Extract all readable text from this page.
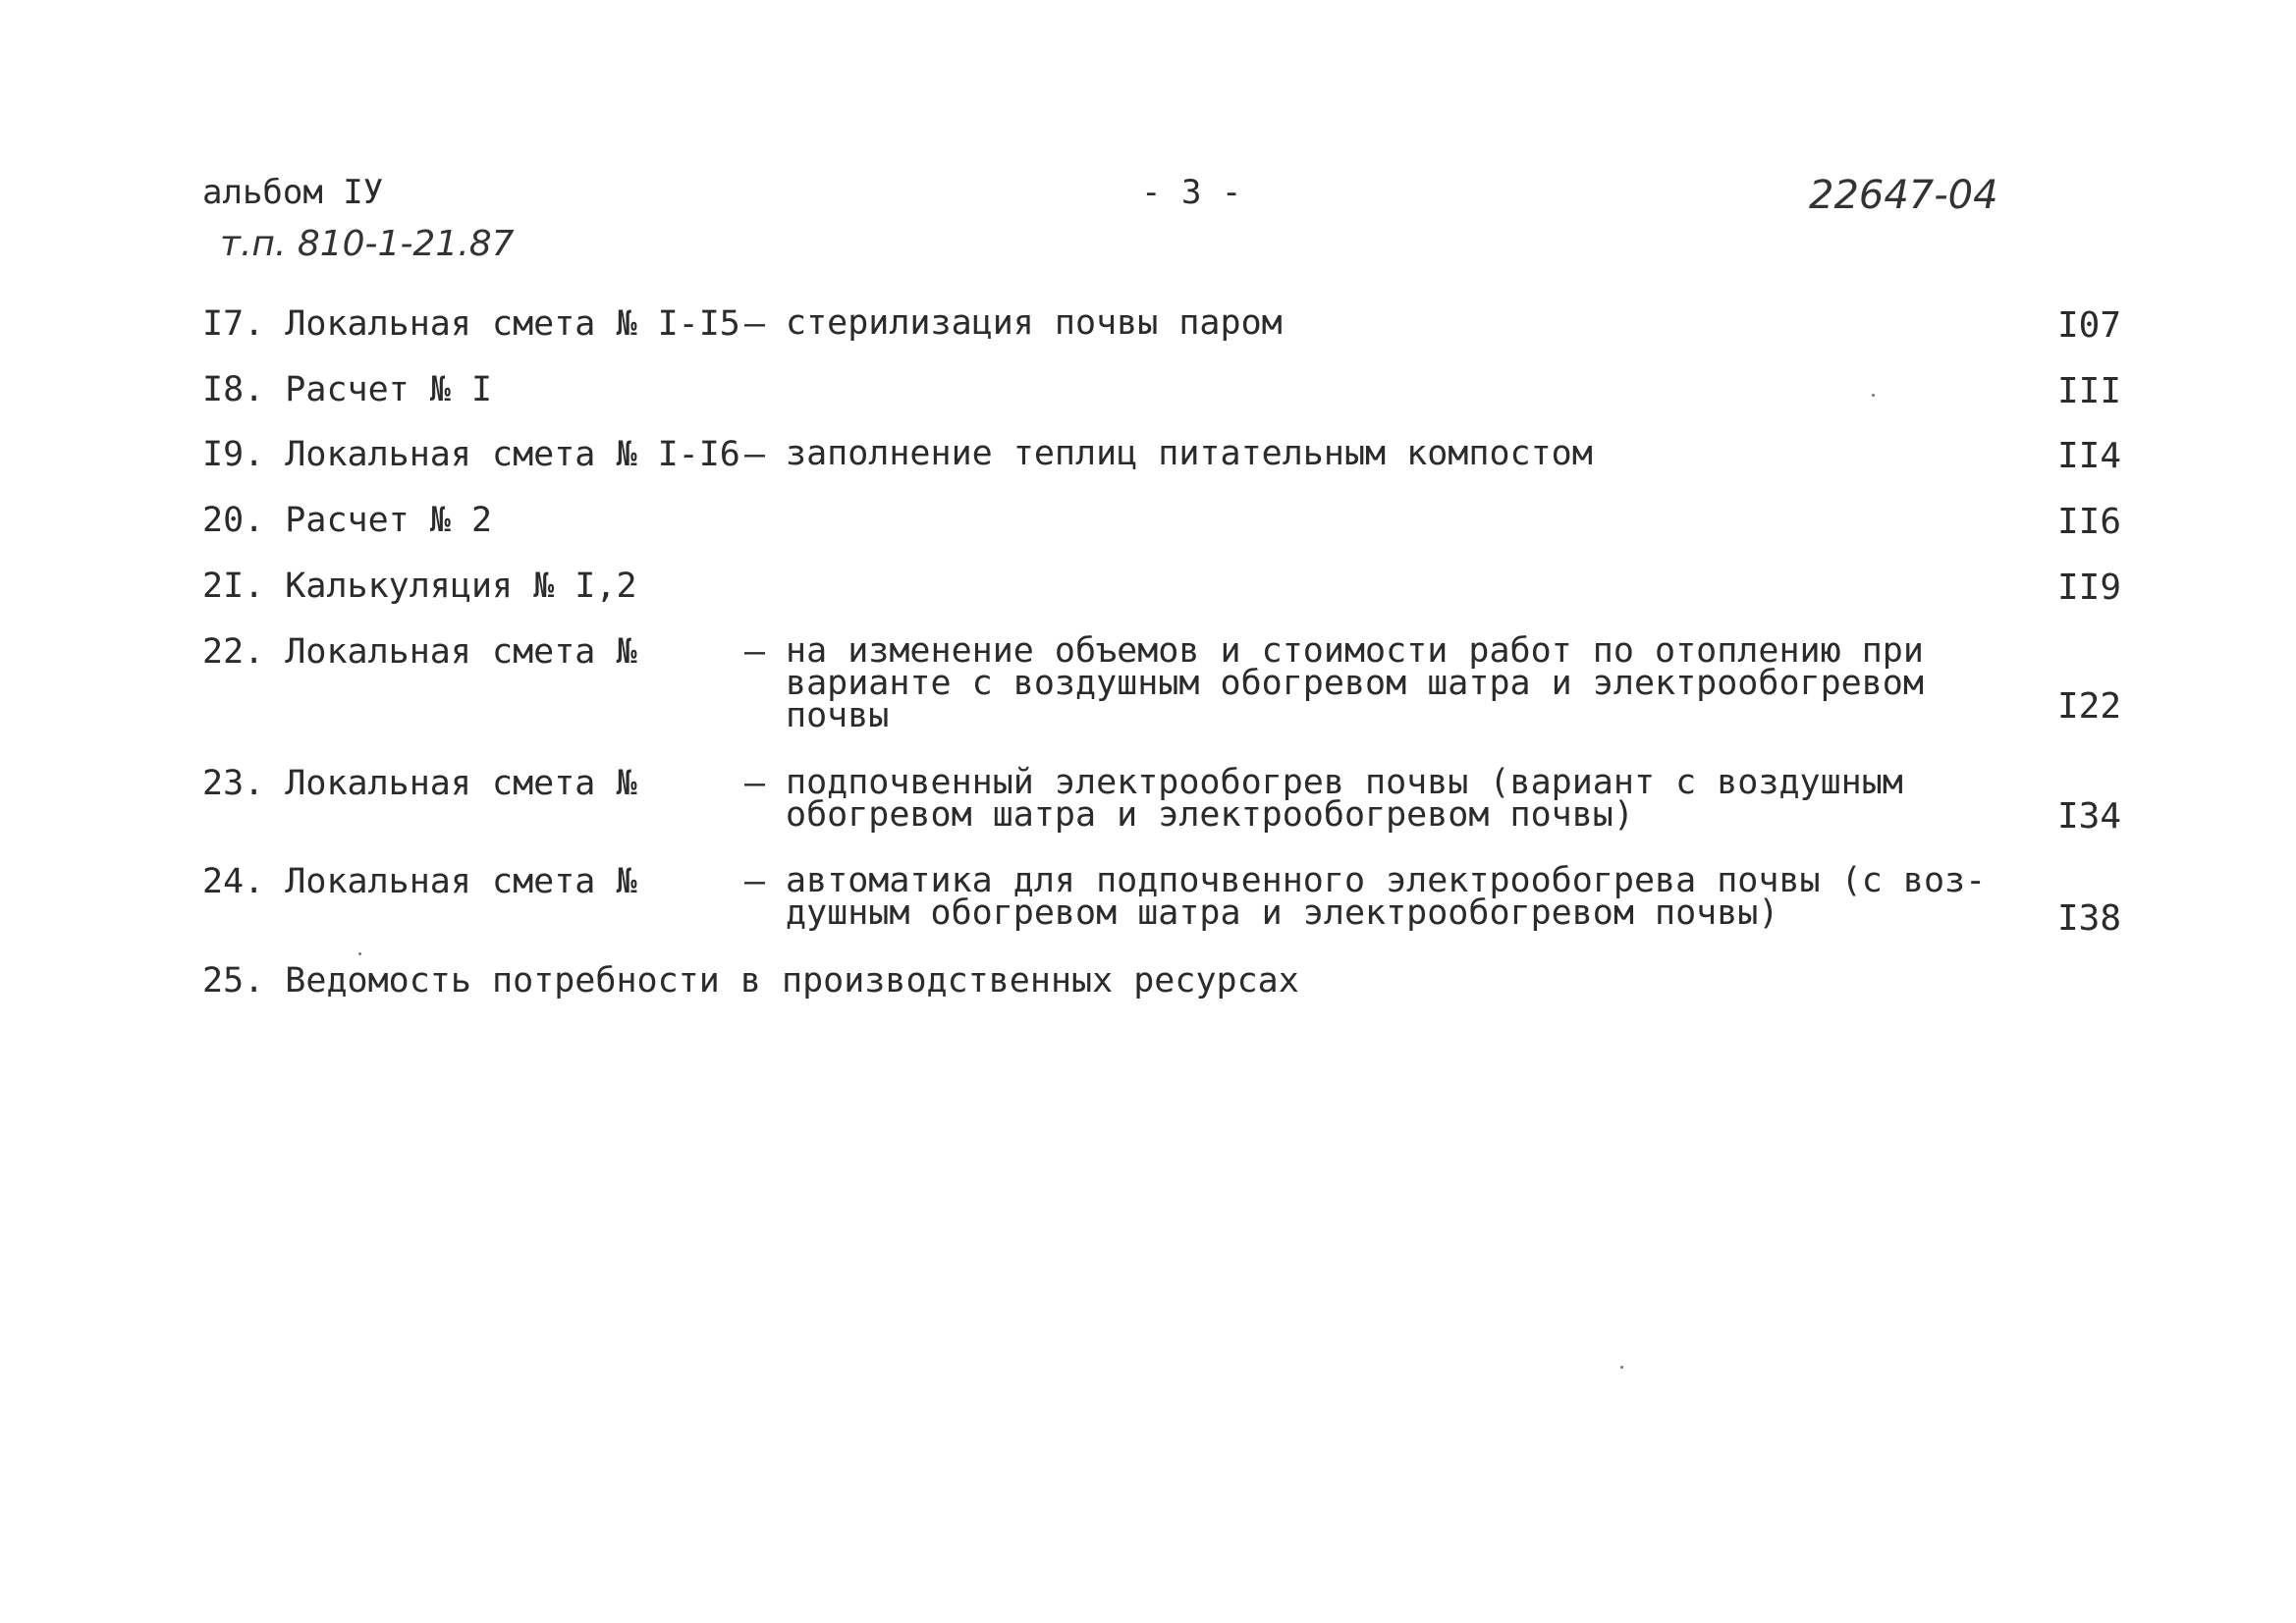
альбом IУ	- 3 -	22647-04
т.п. 810-1-21.87
I7. Локальная смета № I-I5 – стерилизация почвы паром	I07
I8. Расчет № I	III
I9. Локальная смета № I-I6 – заполнение теплиц питательным компостом	II4
20. Расчет № 2	II6
2I. Калькуляция № I,2	II9
22. Локальная смета №	– на изменение объемов и стоимости работ по отоплению при
варианте с воздушным обогревом шатра и электрообогревом
почвы	I22
23. Локальная смета №	– подпочвенный электрообогрев почвы (вариант с воздушным
обогревом шатра и электрообогревом почвы)	I34
24. Локальная смета №	– автоматика для подпочвенного электрообогрева почвы (с воз-
душным обогревом шатра и электрообогревом почвы)	I38
25. Ведомость потребности в производственных ресурсах
